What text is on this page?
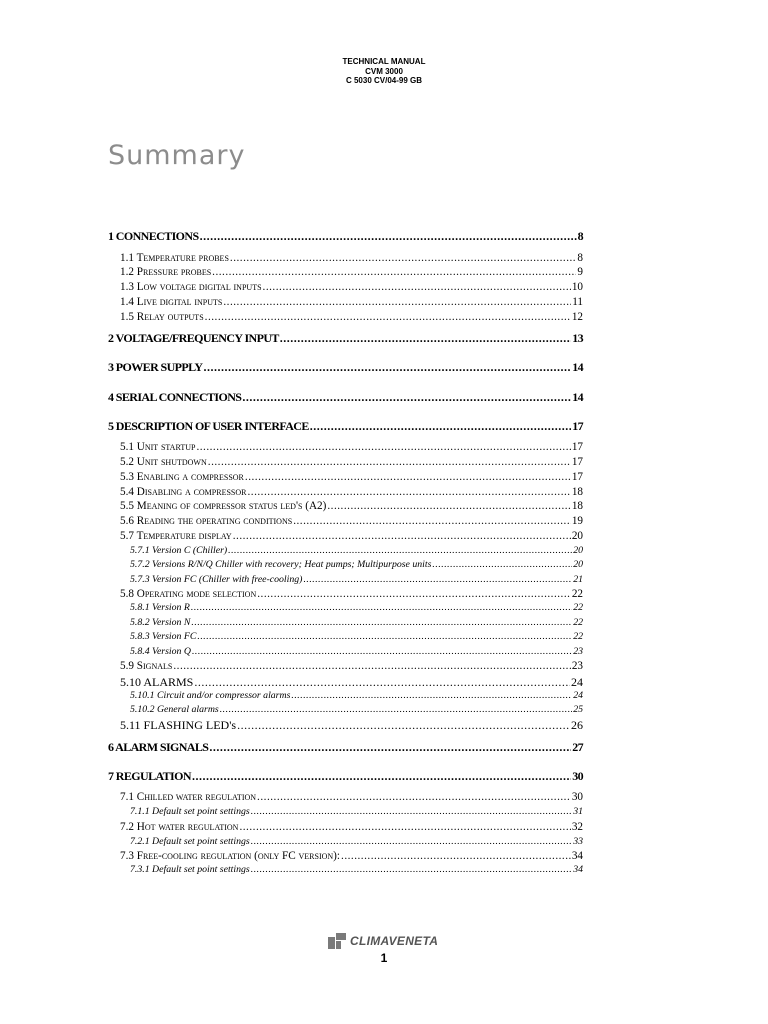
TECHNICAL MANUAL
CVM 3000
C 5030 CV/04-99 GB
Summary
1 CONNECTIONS .....	8
1.1 Temperature probes .....	8
1.2 Pressure probes .....	9
1.3 Low voltage digital inputs .....	10
1.4 Live digital inputs .....	11
1.5 Relay outputs .....	12
2 VOLTAGE/FREQUENCY INPUT .....	13
3 POWER SUPPLY .....	14
4 SERIAL CONNECTIONS .....	14
5 DESCRIPTION OF USER INTERFACE .....	17
5.1 Unit startup .....	17
5.2 Unit shutdown .....	17
5.3 Enabling a compressor .....	17
5.4 Disabling a compressor .....	18
5.5 Meaning of compressor status led's (A2) .....	18
5.6 Reading the operating conditions .....	19
5.7 Temperature display .....	20
5.7.1 Version C (Chiller) .....	20
5.7.2 Versions R/N/Q Chiller with recovery; Heat pumps; Multipurpose units .....	20
5.7.3 Version FC (Chiller with free-cooling) .....	21
5.8 Operating mode selection .....	22
5.8.1 Version R .....	22
5.8.2 Version N .....	22
5.8.3 Version FC .....	22
5.8.4 Version Q .....	23
5.9 Signals .....	23
5.10 ALARMS .....	24
5.10.1 Circuit and/or compressor alarms .....	24
5.10.2 General alarms .....	25
5.11 FLASHING LED's .....	26
6 ALARM SIGNALS .....	27
7 REGULATION .....	30
7.1 Chilled water regulation .....	30
7.1.1 Default set point settings .....	31
7.2 Hot water regulation .....	32
7.2.1 Default set point settings .....	33
7.3 Free-cooling regulation (only FC version): .....	34
7.3.1 Default set point settings .....	34
CLIMAVENETA
1
